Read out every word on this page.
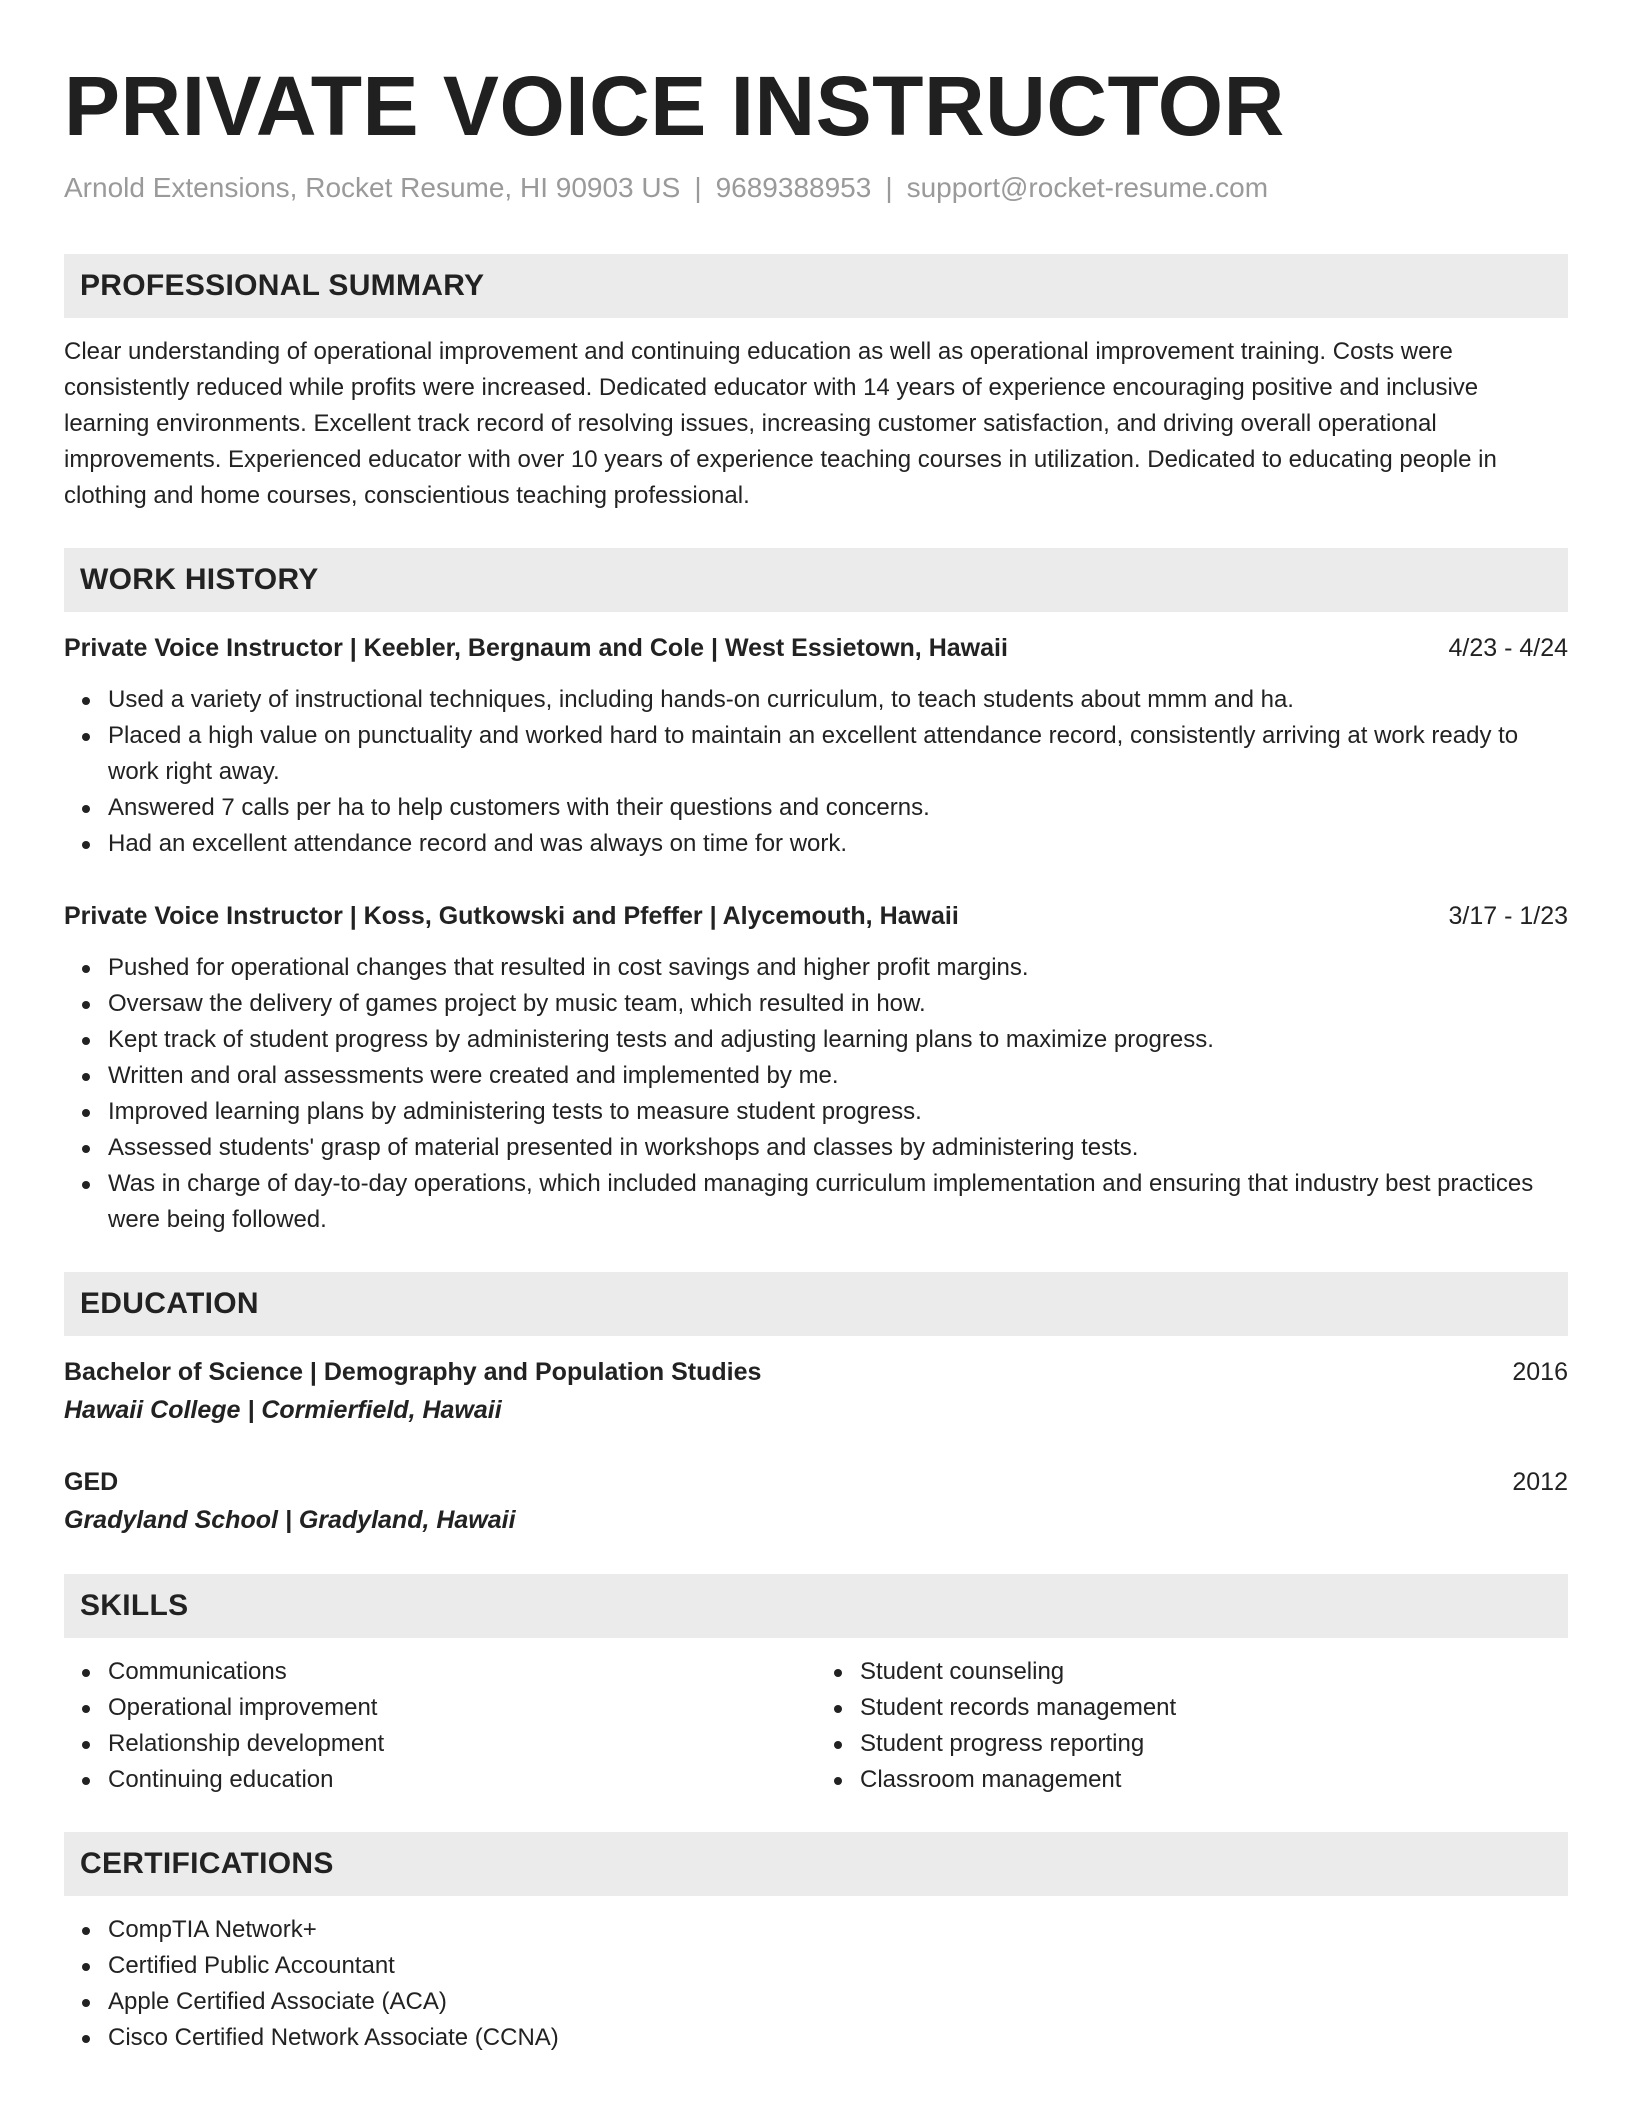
PRIVATE VOICE INSTRUCTOR
Arnold Extensions, Rocket Resume, HI 90903 US | 9689388953 | support@rocket-resume.com
PROFESSIONAL SUMMARY
Clear understanding of operational improvement and continuing education as well as operational improvement training. Costs were consistently reduced while profits were increased. Dedicated educator with 14 years of experience encouraging positive and inclusive learning environments. Excellent track record of resolving issues, increasing customer satisfaction, and driving overall operational improvements. Experienced educator with over 10 years of experience teaching courses in utilization. Dedicated to educating people in clothing and home courses, conscientious teaching professional.
WORK HISTORY
Private Voice Instructor | Keebler, Bergnaum and Cole | West Essietown, Hawaii	4/23 - 4/24
Used a variety of instructional techniques, including hands-on curriculum, to teach students about mmm and ha.
Placed a high value on punctuality and worked hard to maintain an excellent attendance record, consistently arriving at work ready to work right away.
Answered 7 calls per ha to help customers with their questions and concerns.
Had an excellent attendance record and was always on time for work.
Private Voice Instructor | Koss, Gutkowski and Pfeffer | Alycemouth, Hawaii	3/17 - 1/23
Pushed for operational changes that resulted in cost savings and higher profit margins.
Oversaw the delivery of games project by music team, which resulted in how.
Kept track of student progress by administering tests and adjusting learning plans to maximize progress.
Written and oral assessments were created and implemented by me.
Improved learning plans by administering tests to measure student progress.
Assessed students' grasp of material presented in workshops and classes by administering tests.
Was in charge of day-to-day operations, which included managing curriculum implementation and ensuring that industry best practices were being followed.
EDUCATION
Bachelor of Science | Demography and Population Studies	2016
Hawaii College | Cormierfield, Hawaii
GED	2012
Gradyland School | Gradyland, Hawaii
SKILLS
Communications
Operational improvement
Relationship development
Continuing education
Student counseling
Student records management
Student progress reporting
Classroom management
CERTIFICATIONS
CompTIA Network+
Certified Public Accountant
Apple Certified Associate (ACA)
Cisco Certified Network Associate (CCNA)
